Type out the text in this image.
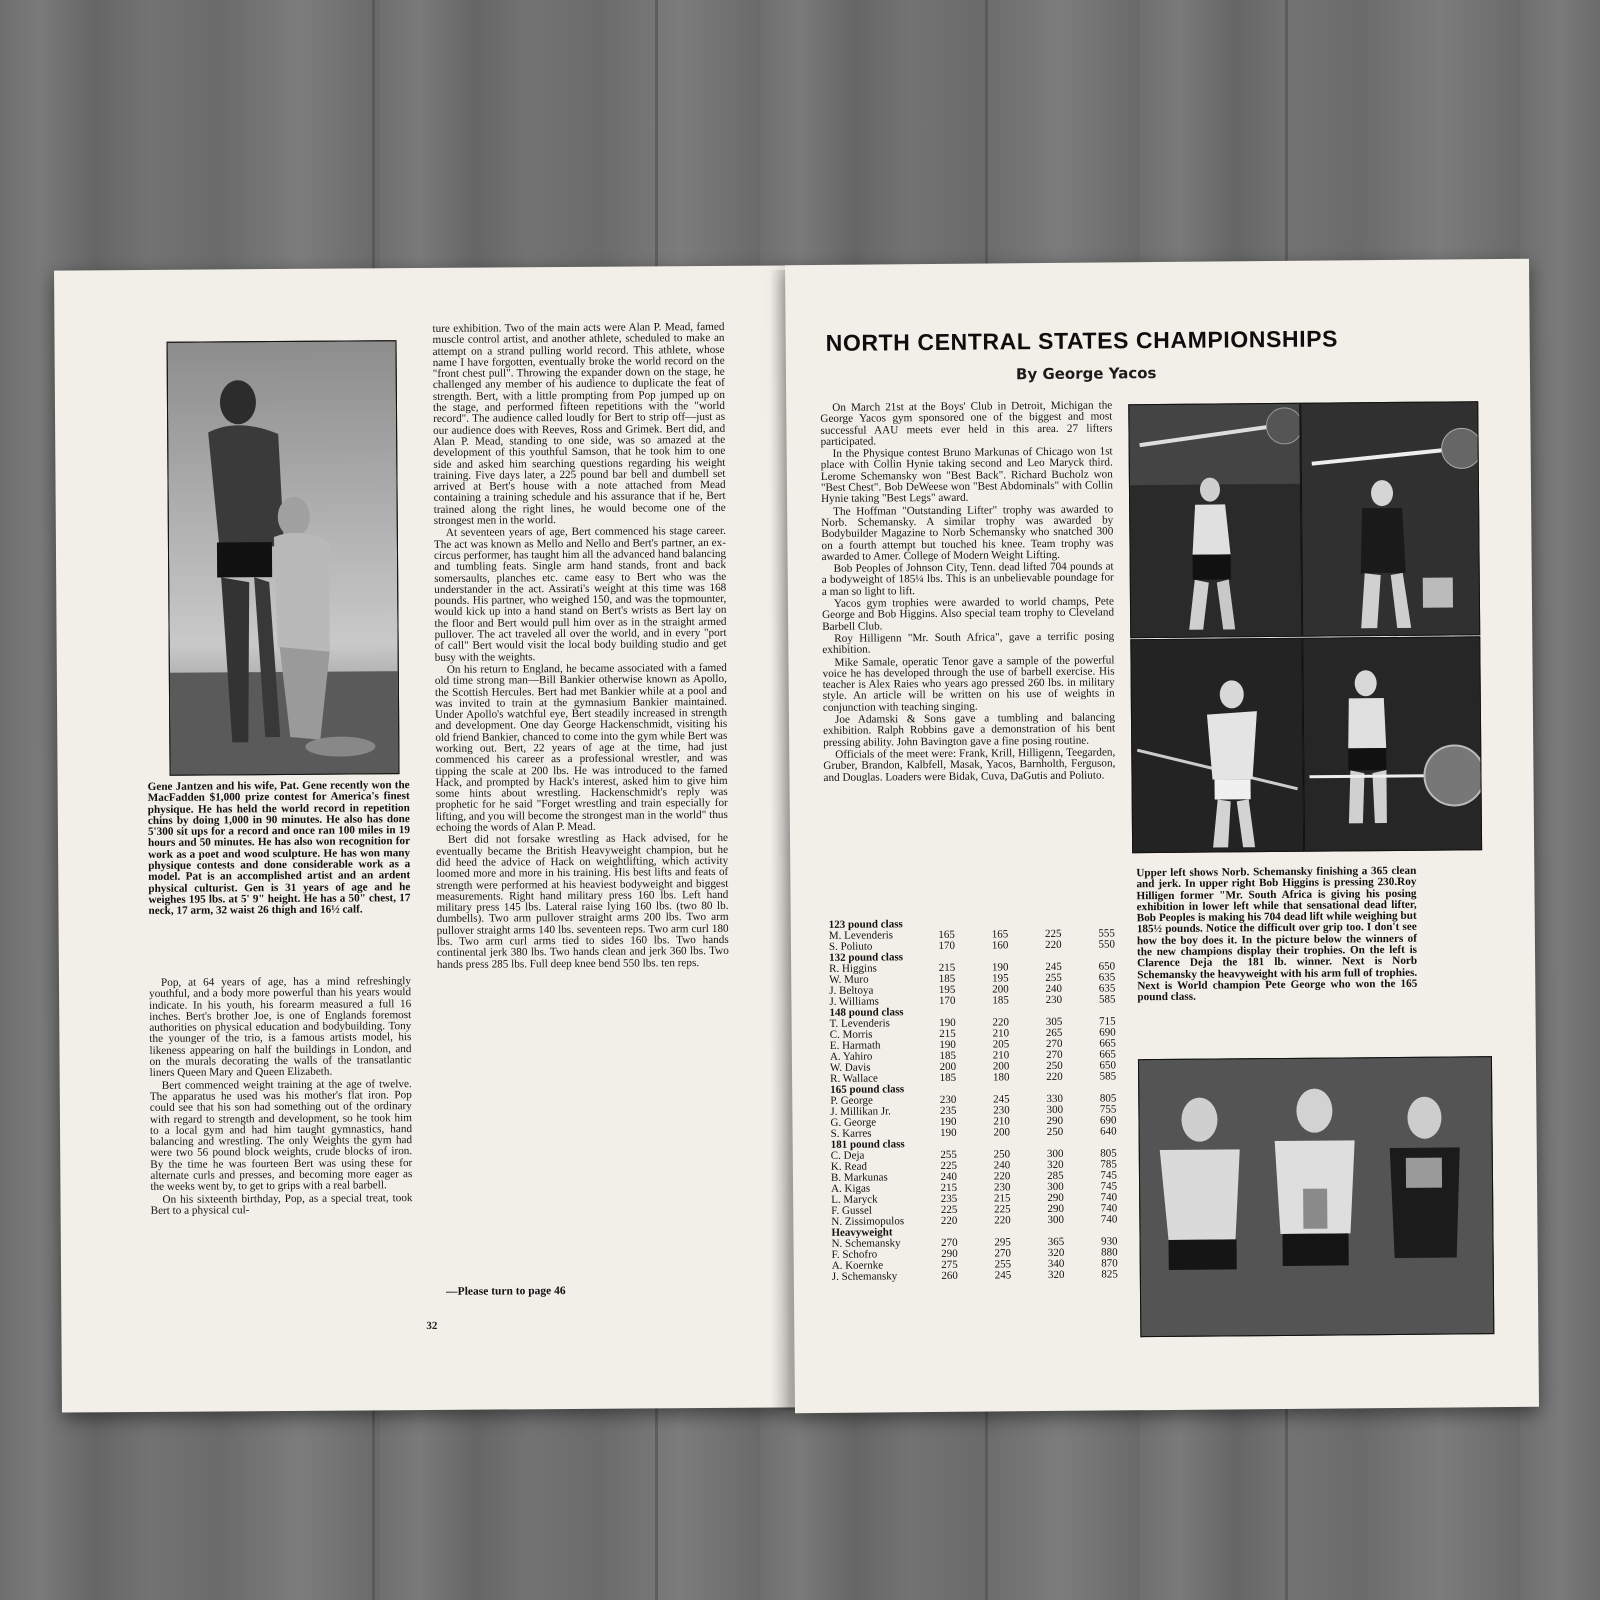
Gene Jantzen and his wife, Pat. Gene recently won the MacFadden $1,000 prize contest for America's finest physique. He has held the world record in repetition chins by doing 1,000 in 90 minutes. He also has done 5'300 sit ups for a record and once ran 100 miles in 19 hours and 50 minutes. He has also won recognition for work as a poet and wood sculpture. He has won many physique contests and done considerable work as a model. Pat is an accomplished artist and an ardent physical culturist. Gen is 31 years of age and he weighes 195 lbs. at 5' 9" height. He has a 50" chest, 17 neck, 17 arm, 32 waist 26 thigh and 16½ calf.

Pop, at 64 years of age, has a mind refreshingly youthful, and a body more powerful than his years would indicate. In his youth, his forearm measured a full 16 inches. Bert's brother Joe, is one of Englands foremost authorities on physical education and bodybuilding. Tony the younger of the trio, is a famous artists model, his likeness appearing on half the buildings in London, and on the murals decorating the walls of the transatlantic liners Queen Mary and Queen Elizabeth.

Bert commenced weight training at the age of twelve. The apparatus he used was his mother's flat iron. Pop could see that his son had something out of the ordinary with regard to strength and development, so he took him to a local gym and had him taught gymnastics, hand balancing and wrestling. The only Weights the gym had were two 56 pound block weights, crude blocks of iron. By the time he was fourteen Bert was using these for alternate curls and presses, and becoming more eager as the weeks went by, to get to grips with a real barbell.

On his sixteenth birthday, Pop, as a special treat, took Bert to a physical cul-

ture exhibition. Two of the main acts were Alan P. Mead, famed muscle control artist, and another athlete, scheduled to make an attempt on a strand pulling world record. This athlete, whose name I have forgotten, eventually broke the world record on the "front chest pull". Throwing the expander down on the stage, he challenged any member of his audience to duplicate the feat of strength. Bert, with a little prompting from Pop jumped up on the stage, and performed fifteen repetitions with the "world record". The audience called loudly for Bert to strip off—just as our audience does with Reeves, Ross and Grimek. Bert did, and Alan P. Mead, standing to one side, was so amazed at the development of this youthful Samson, that he took him to one side and asked him searching questions regarding his weight training. Five days later, a 225 pound bar bell and dumbell set arrived at Bert's house with a note attached from Mead containing a training schedule and his assurance that if he, Bert trained along the right lines, he would become one of the strongest men in the world.

At seventeen years of age, Bert commenced his stage career. The act was known as Mello and Nello and Bert's partner, an ex-circus performer, has taught him all the advanced hand balancing and tumbling feats. Single arm hand stands, front and back somersaults, planches etc. came easy to Bert who was the understander in the act. Assirati's weight at this time was 168 pounds. His partner, who weighed 150, and was the topmounter, would kick up into a hand stand on Bert's wrists as Bert lay on the floor and Bert would pull him over as in the straight armed pullover. The act traveled all over the world, and in every "port of call" Bert would visit the local body building studio and get busy with the weights.

On his return to England, he became associated with a famed old time strong man—Bill Bankier otherwise known as Apollo, the Scottish Hercules. Bert had met Bankier while at a pool and was invited to train at the gymnasium Bankier maintained. Under Apollo's watchful eye, Bert steadily increased in strength and development. One day George Hackenschmidt, visiting his old friend Bankier, chanced to come into the gym while Bert was working out. Bert, 22 years of age at the time, had just commenced his career as a professional wrestler, and was tipping the scale at 200 lbs. He was introduced to the famed Hack, and prompted by Hack's interest, asked him to give him some hints about wrestling. Hackenschmidt's reply was prophetic for he said "Forget wrestling and train especially for lifting, and you will become the strongest man in the world" thus echoing the words of Alan P. Mead.

Bert did not forsake wrestling as Hack advised, for he eventually became the British Heavyweight champion, but he did heed the advice of Hack on weightlifting, which activity loomed more and more in his training. His best lifts and feats of strength were performed at his heaviest bodyweight and biggest measurements. Right hand military press 160 lbs. Left hand military press 145 lbs. Lateral raise lying 160 lbs. (two 80 lb. dumbells). Two arm pullover straight arms 200 lbs. Two arm pullover straight arms 140 lbs. seventeen reps. Two arm curl 180 lbs. Two arm curl arms tied to sides 160 lbs. Two hands continental jerk 380 lbs. Two hands clean and jerk 360 lbs. Two hands press 285 lbs. Full deep knee bend 550 lbs. ten reps.

—Please turn to page 46
32
NORTH CENTRAL STATES CHAMPIONSHIPS
By George Yacos

On March 21st at the Boys' Club in Detroit, Michigan the George Yacos gym sponsored one of the biggest and most successful AAU meets ever held in this area. 27 lifters participated.

In the Physique contest Bruno Markunas of Chicago won 1st place with Collin Hynie taking second and Leo Maryck third. Lerome Schemansky won "Best Back". Richard Bucholz won "Best Chest". Bob DeWeese won "Best Abdominals" with Collin Hynie taking "Best Legs" award.

The Hoffman "Outstanding Lifter" trophy was awarded to Norb. Schemansky. A similar trophy was awarded by Bodybuilder Magazine to Norb Schemansky who snatched 300 on a fourth attempt but touched his knee. Team trophy was awarded to Amer. College of Modern Weight Lifting.

Bob Peoples of Johnson City, Tenn. dead lifted 704 pounds at a bodyweight of 185¼ lbs. This is an unbelievable poundage for a man so light to lift.

Yacos gym trophies were awarded to world champs, Pete George and Bob Higgins. Also special team trophy to Cleveland Barbell Club.

Roy Hilligenn "Mr. South Africa", gave a terrific posing exhibition.

Mike Samale, operatic Tenor gave a sample of the powerful voice he has developed through the use of barbell exercise. His teacher is Alex Raies who years ago pressed 260 lbs. in military style. An article will be written on his use of weights in conjunction with teaching singing.

Joe Adamski & Sons gave a tumbling and balancing exhibition. Ralph Robbins gave a demonstration of his bent pressing ability. John Bavington gave a fine posing routine.

Officials of the meet were: Frank, Krill, Hilligenn, Teegarden, Gruber, Brandon, Kalbfell, Masak, Yacos, Barnholth, Ferguson, and Douglas. Loaders were Bidak, Cuva, DaGutis and Poliuto.

123 pound class				
M. Levenderis	165	165	225	555
S. Poliuto	170	160	220	550
132 pound class				
R. Higgins	215	190	245	650
W. Muro	185	195	255	635
J. Beltoya	195	200	240	635
J. Williams	170	185	230	585
148 pound class				
T. Levenderis	190	220	305	715
C. Morris	215	210	265	690
E. Harmath	190	205	270	665
A. Yahiro	185	210	270	665
W. Davis	200	200	250	650
R. Wallace	185	180	220	585
165 pound class				
P. George	230	245	330	805
J. Millikan Jr.	235	230	300	755
G. George	190	210	290	690
S. Karres	190	200	250	640
181 pound class				
C. Deja	255	250	300	805
K. Read	225	240	320	785
B. Markunas	240	220	285	745
A. Kigas	215	230	300	745
L. Maryck	235	215	290	740
F. Gussel	225	225	290	740
N. Zissimopulos	220	220	300	740
Heavyweight				
N. Schemansky	270	295	365	930
F. Schofro	290	270	320	880
A. Koernke	275	255	340	870
J. Schemansky	260	245	320	825
Upper left shows Norb. Schemansky finishing a 365 clean and jerk. In upper right Bob Higgins is pressing 230.Roy Hilligen former "Mr. South Africa is giving his posing exhibition in lower left while that sensational dead lifter, Bob Peoples is making his 704 dead lift while weighing but 185½ pounds. Notice the difficult over grip too. I don't see how the boy does it. In the picture below the winners of the new champions display their trophies. On the left is Clarence Deja the 181 lb. winner. Next is Norb Schemansky the heavyweight with his arm full of trophies. Next is World champion Pete George who won the 165 pound class.
